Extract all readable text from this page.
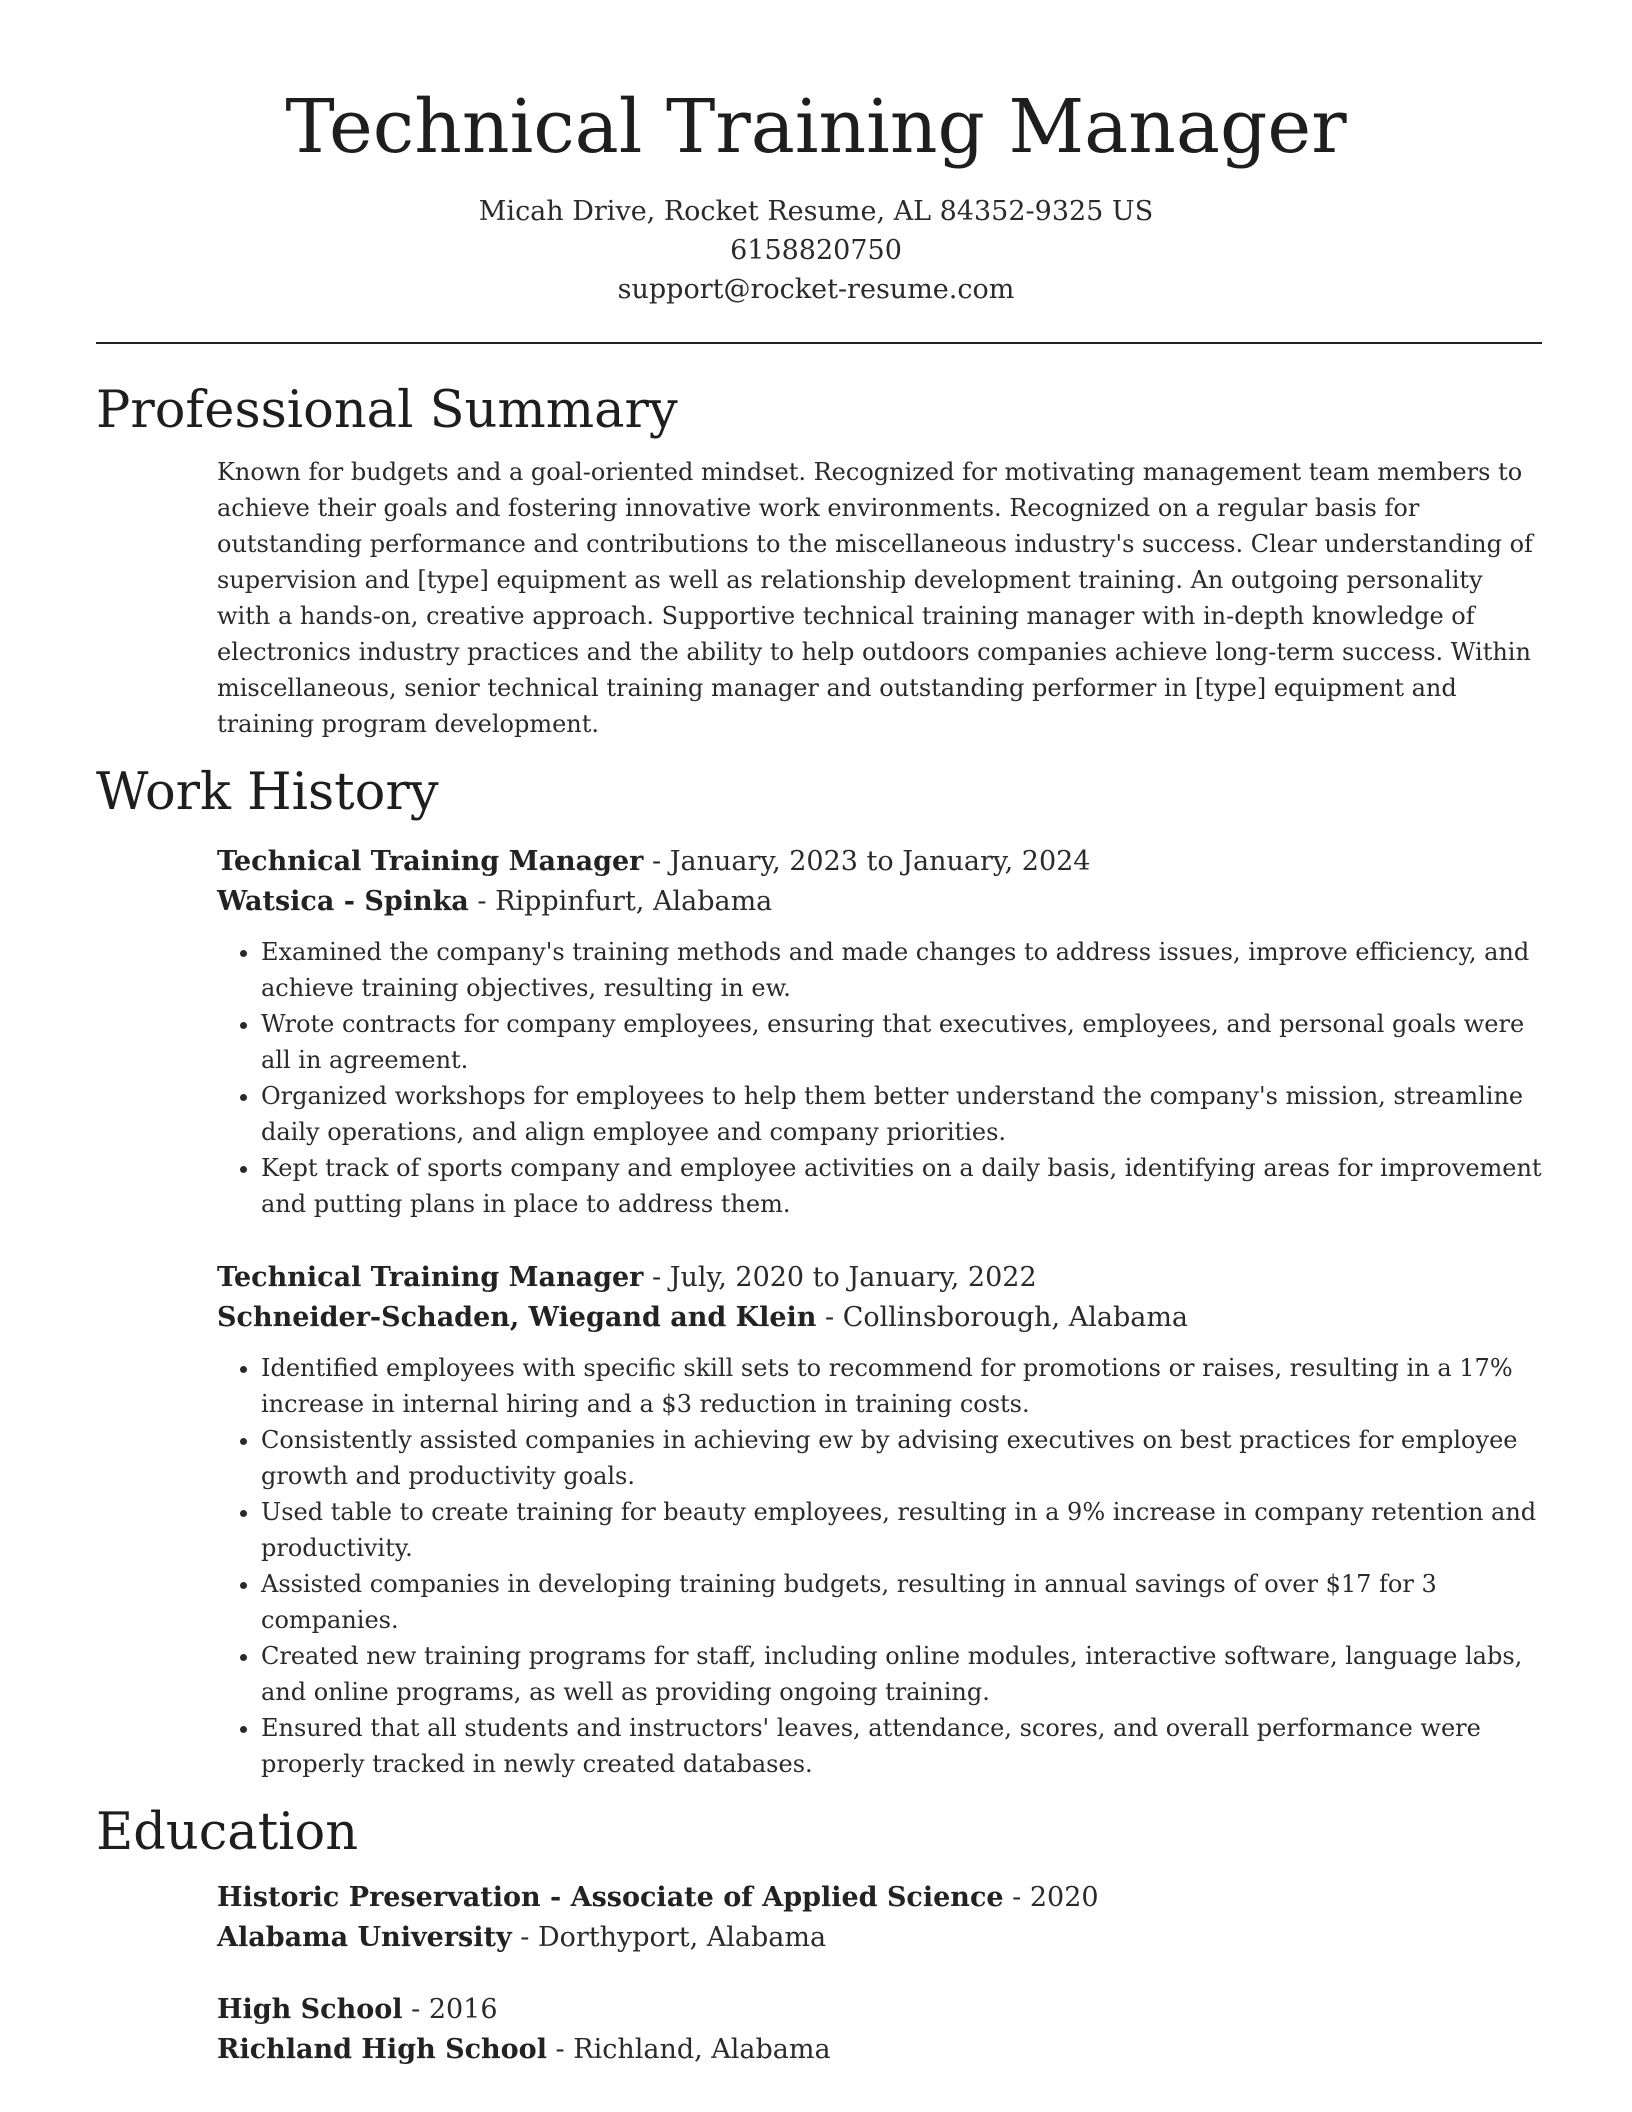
Technical Training Manager
Micah Drive, Rocket Resume, AL 84352-9325 US
6158820750
support@rocket-resume.com
Professional Summary
Known for budgets and a goal-oriented mindset. Recognized for motivating management team members to achieve their goals and fostering innovative work environments. Recognized on a regular basis for outstanding performance and contributions to the miscellaneous industry's success. Clear understanding of supervision and [type] equipment as well as relationship development training. An outgoing personality with a hands-on, creative approach. Supportive technical training manager with in-depth knowledge of electronics industry practices and the ability to help outdoors companies achieve long-term success. Within miscellaneous, senior technical training manager and outstanding performer in [type] equipment and training program development.
Work History
Technical Training Manager - January, 2023 to January, 2024
Watsica - Spinka - Rippinfurt, Alabama
• Examined the company's training methods and made changes to address issues, improve efficiency, and achieve training objectives, resulting in ew.
• Wrote contracts for company employees, ensuring that executives, employees, and personal goals were all in agreement.
• Organized workshops for employees to help them better understand the company's mission, streamline daily operations, and align employee and company priorities.
• Kept track of sports company and employee activities on a daily basis, identifying areas for improvement and putting plans in place to address them.
Technical Training Manager - July, 2020 to January, 2022
Schneider-Schaden, Wiegand and Klein - Collinsborough, Alabama
• Identified employees with specific skill sets to recommend for promotions or raises, resulting in a 17% increase in internal hiring and a $3 reduction in training costs.
• Consistently assisted companies in achieving ew by advising executives on best practices for employee growth and productivity goals.
• Used table to create training for beauty employees, resulting in a 9% increase in company retention and productivity.
• Assisted companies in developing training budgets, resulting in annual savings of over $17 for 3 companies.
• Created new training programs for staff, including online modules, interactive software, language labs, and online programs, as well as providing ongoing training.
• Ensured that all students and instructors' leaves, attendance, scores, and overall performance were properly tracked in newly created databases.
Education
Historic Preservation - Associate of Applied Science - 2020
Alabama University - Dorthyport, Alabama
High School - 2016
Richland High School - Richland, Alabama
